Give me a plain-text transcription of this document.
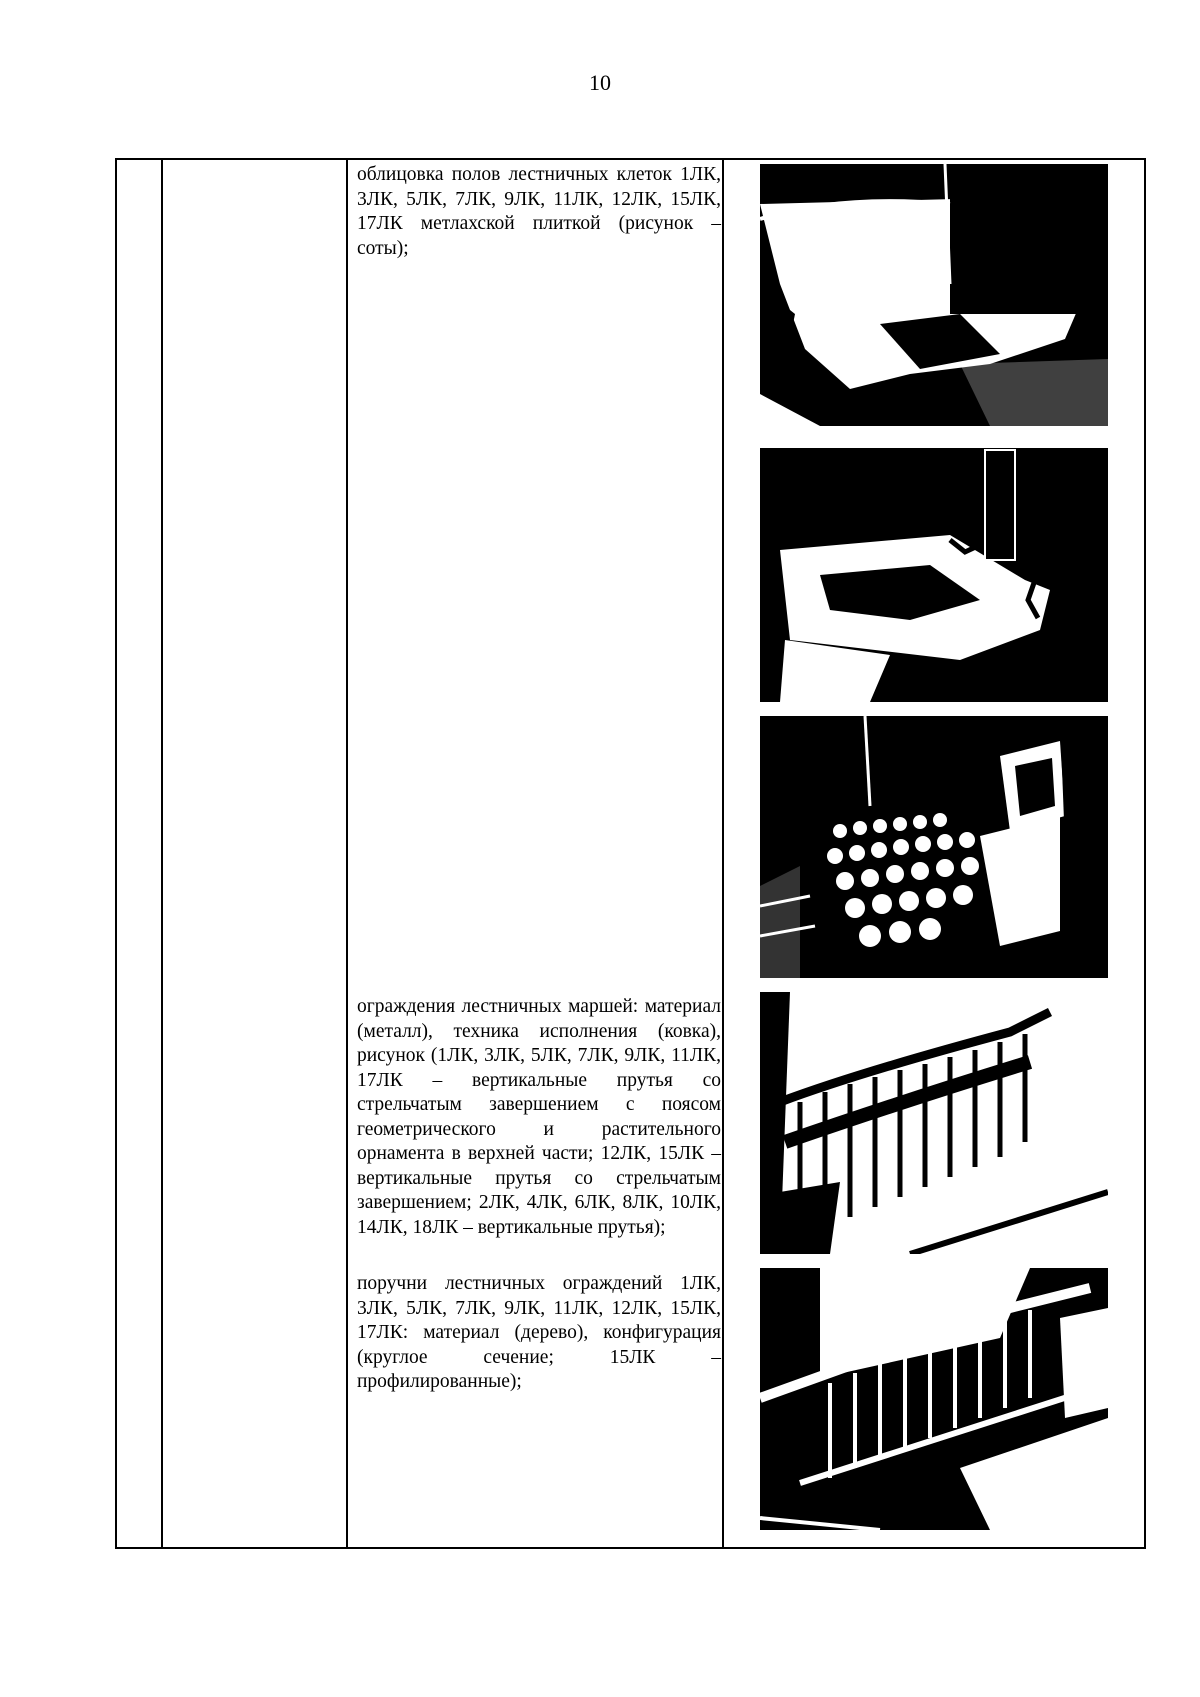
10
облицовка полов лестничных клеток 1ЛК, 3ЛК, 5ЛК, 7ЛК, 9ЛК, 11ЛК, 12ЛК, 15ЛК, 17ЛК метлахской плиткой (рисунок – соты);
ограждения лестничных маршей: материал (металл), техника исполнения (ковка), рисунок (1ЛК, 3ЛК, 5ЛК, 7ЛК, 9ЛК, 11ЛК, 17ЛК – вертикальные прутья со стрельчатым завершением с поясом геометрического и растительного орнамента в верхней части; 12ЛК, 15ЛК – вертикальные прутья со стрельчатым завершением; 2ЛК, 4ЛК, 6ЛК, 8ЛК, 10ЛК, 14ЛК, 18ЛК – вертикальные прутья);
поручни лестничных ограждений 1ЛК, 3ЛК, 5ЛК, 7ЛК, 9ЛК, 11ЛК, 12ЛК, 15ЛК, 17ЛК: материал (дерево), конфигурация (круглое сечение; 15ЛК – профилированные);
